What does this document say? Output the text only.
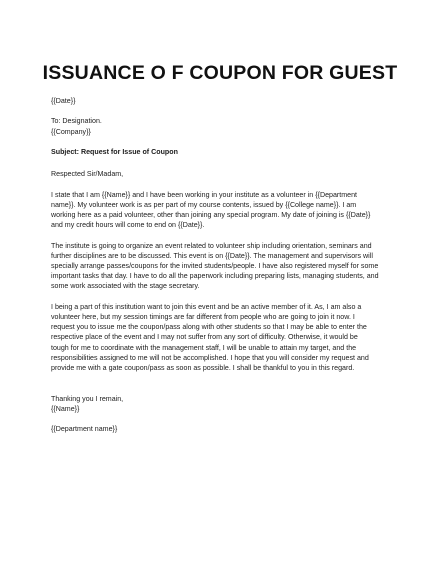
ISSUANCE O F COUPON FOR GUEST
{{Date}}
To: Designation.
{{Company}}
Subject: Request for Issue of Coupon
Respected Sir/Madam,
I state that I am {{Name}} and I have been working in your institute as a volunteer in {{Department
name}}. My volunteer work is as per part of my course contents, issued by {{College name}}. I am
working here as a paid volunteer, other than joining any special program. My date of joining is {{Date}}
and my credit hours will come to end on {{Date}}.
The institute is going to organize an event related to volunteer ship including orientation, seminars and
further disciplines are to be discussed. This event is on {{Date}}. The management and supervisors will
specially arrange passes/coupons for the invited students/people. I have also registered myself for some
important tasks that day. I have to do all the paperwork including preparing lists, managing students, and
some work associated with the stage secretary.
I being a part of this institution want to join this event and be an active member of it. As, I am also a
volunteer here, but my session timings are far different from people who are going to join it now. I
request you to issue me the coupon/pass along with other students so that I may be able to enter the
respective place of the event and I may not suffer from any sort of difficulty. Otherwise, it would be
tough for me to coordinate with the management staff, I will be unable to attain my target, and the
responsibilities assigned to me will not be accomplished. I hope that you will consider my request and
provide me with a gate coupon/pass as soon as possible. I shall be thankful to you in this regard.
Thanking you I remain,
{{Name}}
{{Department name}}
